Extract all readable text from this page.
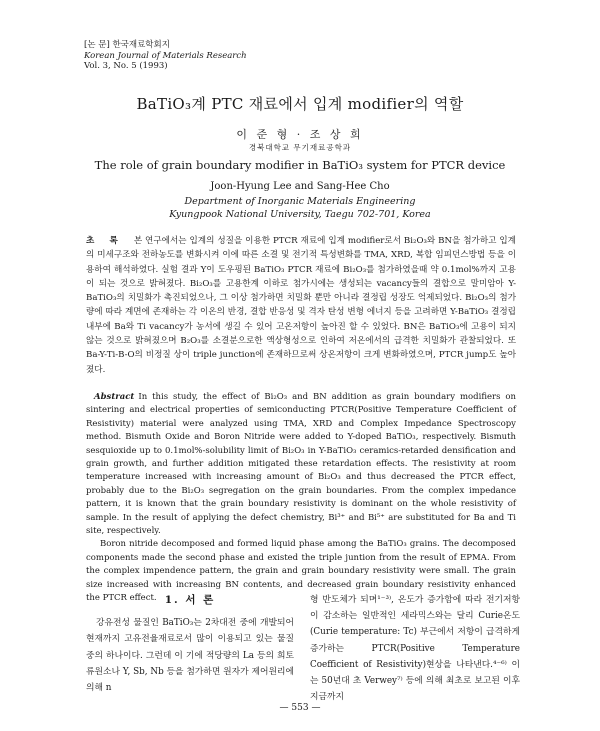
[논 문] 한국재료학회지
Korean Journal of Materials Research
Vol. 3, No. 5 (1993)
BaTiO₃계 PTC 재료에서 입계 modifier의 역할
이 준 형 · 조 상 희
경북대학교 무기재료공학과
The role of grain boundary modifier in BaTiO₃ system for PTCR device
Joon-Hyung Lee and Sang-Hee Cho
Department of Inorganic Materials Engineering
Kyungpook National University, Taegu 702-701, Korea

초 록 본 연구에서는 입계의 성질을 이용한 PTCR 재료에 입계 modifier로서 Bi₂O₃와 BN을 첨가하고 입계의 미세구조와 전하농도를 변화시켜 이에 따른 소결 및 전기적 특성변화를 TMA, XRD, 복합 임피던스방법 등을 이용하여 해석하였다. 실험 결과 Y이 도우핑된 BaTiO₃ PTCR 재료에 Bi₂O₃를 첨가하였을때 약 0.1mol%까지 고용이 되는 것으로 밝혀졌다. Bi₂O₃를 고용한계 이하로 첨가시에는 생성되는 vacancy들의 결합으로 말미암아 Y-BaTiO₃의 치밀화가 촉진되었으나, 그 이상 첨가하면 치밀화 뿐만 아니라 결정립 성장도 억제되었다. Bi₂O₃의 첨가량에 따라 계면에 존재하는 각 이온의 반경, 결합 반응성 및 격자 탄성 변형 에너지 등을 고려하면 Y-BaTiO₃ 결정립 내부에 Ba와 Ti vacancy가 농서에 생길 수 있어 고온저항이 높아진 할 수 있었다. BN은 BaTiO₃에 고용이 되지 않는 것으로 밝혀졌으며 B₂O₃를 소결분으로한 액상형성으로 인하여 저온에서의 급격한 치밀화가 관찰되었다. 또 Ba-Y-Ti-B-O의 비정질 상이 triple junction에 존재하므로써 상온저항이 크게 변화하였으며, PTCR jump도 높아졌다.

Abstract In this study, the effect of Bi₂O₃ and BN addition as grain boundary modifiers on sintering and electrical properties of semiconducting PTCR(Positive Temperature Coefficient of Resistivity) material were analyzed using TMA, XRD and Complex Impedance Spectroscopy method. Bismuth Oxide and Boron Nitride were added to Y-doped BaTiO₃, respectively. Bismuth sesquioxide up to 0.1mol%-solubility limit of Bi₂O₃ in Y-BaTiO₃ ceramics-retarded densification and grain growth, and further addition mitigated these retardation effects. The resistivity at room temperature increased with increasing amount of Bi₂O₃ and thus decreased the PTCR effect, probably due to the Bi₂O₃ segregation on the grain boundaries. From the complex impedance pattern, it is known that the grain boundary resistivity is dominant on the whole resistivity of sample. In the result of applying the defect chemistry, Bi³⁺ and Bi⁵⁺ are substituted for Ba and Ti site, respectively.

Boron nitride decomposed and formed liquid phase among the BaTiO₃ grains. The decomposed components made the second phase and existed the triple juntion from the result of EPMA. From the complex impendence pattern, the grain and grain boundary resistivity were small. The grain size increased with increasing BN contents, and decreased grain boundary resistivity enhanced the PTCR effect. 1. 서 론

강유전성 물질인 BaTiO₃는 2차대전 중에 개발되어 현재까지 고유전율재료로서 많이 이용되고 있는 물질 중의 하나이다. 그런데 이 기에 적당량의 La 등의 희토류원소나 Y, Sb, Nb 등을 첨가하면 원자가 제어원리에 의해 n

형 반도체가 되며¹⁻³⁾, 온도가 증가함에 따라 전기저항이 감소하는 일반적인 세라믹스와는 달리 Curie온도(Curie temperature: Tc) 부근에서 저항이 급격하게 증가하는 PTCR(Positive Temperature Coefficient of Resistivity)현상을 나타낸다.⁴⁻⁶⁾ 이는 50년대 초 Verwey⁷⁾ 등에 의해 최초로 보고된 이후 지금까지

— 553 —
